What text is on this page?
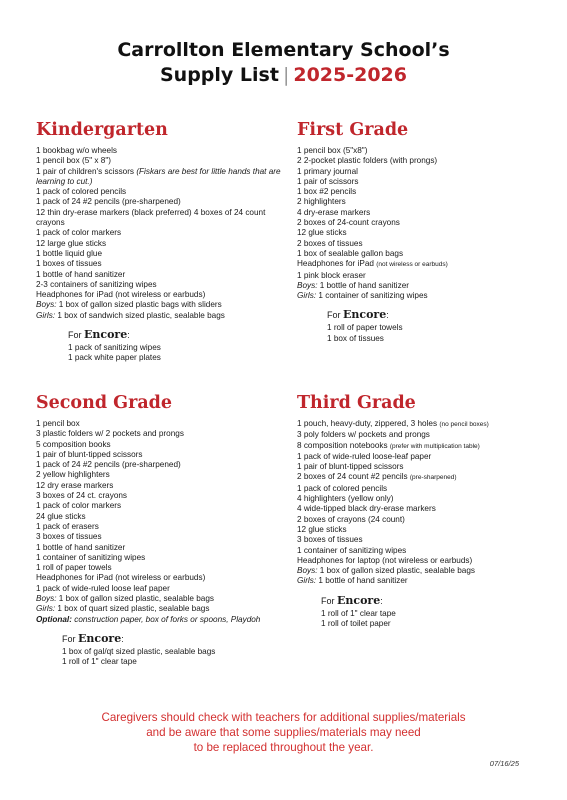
Carrollton Elementary School’s
Supply List | 2025-2026
Kindergarten
1 bookbag w/o wheels
1 pencil box (5" x 8")
1 pair of children's scissors (Fiskars are best for little hands that are learning to cut.)
1 pack of colored pencils
1 pack of 24 #2 pencils (pre-sharpened)
12 thin dry-erase markers (black preferred) 4 boxes of 24 count crayons
1 pack of color markers
12 large glue sticks
1 bottle liquid glue
1 boxes of tissues
1 bottle of hand sanitizer
2-3 containers of sanitizing wipes
Headphones for iPad (not wireless or earbuds)
Boys: 1 box of gallon sized plastic bags with sliders
Girls: 1 box of sandwich sized plastic, sealable bags
For Encore:
1 pack of sanitizing wipes
1 pack white paper plates
First Grade
1 pencil box (5"x8")
2 2-pocket plastic folders (with prongs)
1 primary journal
1 pair of scissors
1 box #2 pencils
2 highlighters
4 dry-erase markers
2 boxes of 24-count crayons
12 glue sticks
2 boxes of tissues
1 box of sealable gallon bags
Headphones for iPad (not wireless or earbuds)
1 pink block eraser
Boys: 1 bottle of hand sanitizer
Girls: 1 container of sanitizing wipes
For Encore:
1 roll of paper towels
1 box of tissues
Second Grade
1 pencil box
3 plastic folders w/ 2 pockets and prongs
5 composition books
1 pair of blunt-tipped scissors
1 pack of 24 #2 pencils (pre-sharpened)
2 yellow highlighters
12 dry erase markers
3 boxes of 24 ct. crayons
1 pack of color markers
24 glue sticks
1 pack of erasers
3 boxes of tissues
1 bottle of hand sanitizer
1 container of sanitizing wipes
1 roll of paper towels
Headphones for iPad (not wireless or earbuds)
1 pack of wide-ruled loose leaf paper
Boys: 1 box of gallon sized plastic, sealable bags
Girls: 1 box of quart sized plastic, sealable bags
Optional: construction paper, box of forks or spoons, Playdoh
For Encore:
1 box of gal/qt sized plastic, sealable bags
1 roll of 1" clear tape
Third Grade
1 pouch, heavy-duty, zippered, 3 holes (no pencil boxes)
3 poly folders w/ pockets and prongs
8 composition notebooks (prefer with multiplication table)
1 pack of wide-ruled loose-leaf paper
1 pair of blunt-tipped scissors
2 boxes of 24 count #2 pencils (pre-sharpened)
1 pack of colored pencils
4 highlighters (yellow only)
4 wide-tipped black dry-erase markers
2 boxes of crayons (24 count)
12 glue sticks
3 boxes of tissues
1 container of sanitizing wipes
Headphones for laptop (not wireless or earbuds)
Boys: 1 box of gallon sized plastic, sealable bags
Girls: 1 bottle of hand sanitizer
For Encore:
1 roll of 1" clear tape
1 roll of toilet paper
Caregivers should check with teachers for additional supplies/materials
and be aware that some supplies/materials may need
to be replaced throughout the year.
07/16/25
